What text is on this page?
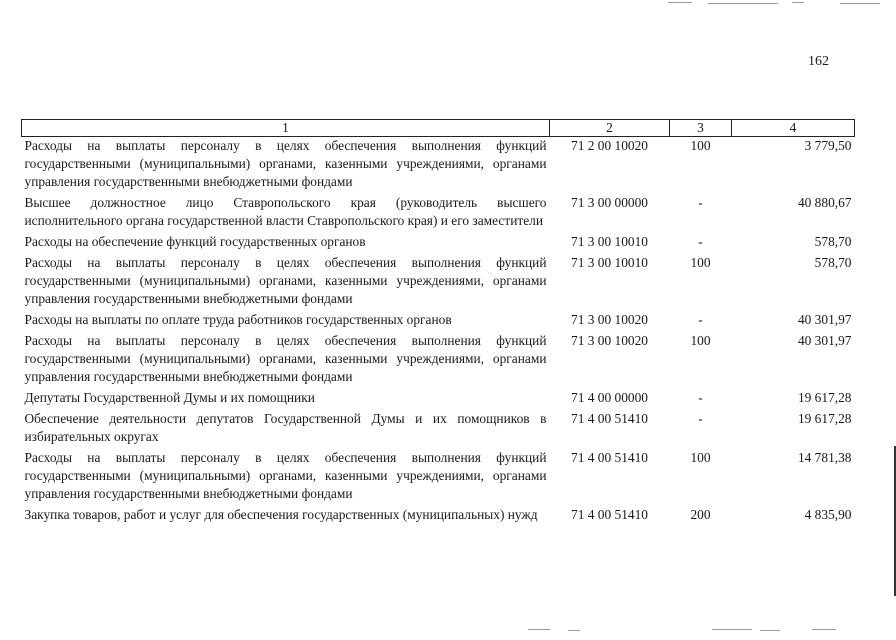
162
1	2	3	4
Расходы на выплаты персоналу в целях обеспечения выполнения функций государственными (муниципальными) органами, казенными учреждениями, органами управления государственными внебюджетными фондами	71 2 00 10020	100	3 779,50
Высшее должностное лицо Ставропольского края (руководитель высшего исполнительного органа государственной власти Ставропольского края) и его заместители	71 3 00 00000	-	40 880,67
Расходы на обеспечение функций государственных органов	71 3 00 10010	-	578,70
Расходы на выплаты персоналу в целях обеспечения выполнения функций государственными (муниципальными) органами, казенными учреждениями, органами управления государственными внебюджетными фондами	71 3 00 10010	100	578,70
Расходы на выплаты по оплате труда работников государственных органов	71 3 00 10020	-	40 301,97
Расходы на выплаты персоналу в целях обеспечения выполнения функций государственными (муниципальными) органами, казенными учреждениями, органами управления государственными внебюджетными фондами	71 3 00 10020	100	40 301,97
Депутаты Государственной Думы и их помощники	71 4 00 00000	-	19 617,28
Обеспечение деятельности депутатов Государственной Думы и их помощников в избирательных округах	71 4 00 51410	-	19 617,28
Расходы на выплаты персоналу в целях обеспечения выполнения функций государственными (муниципальными) органами, казенными учреждениями, органами управления государственными внебюджетными фондами	71 4 00 51410	100	14 781,38
Закупка товаров, работ и услуг для обеспечения государственных (муниципальных) нужд	71 4 00 51410	200	4 835,90
